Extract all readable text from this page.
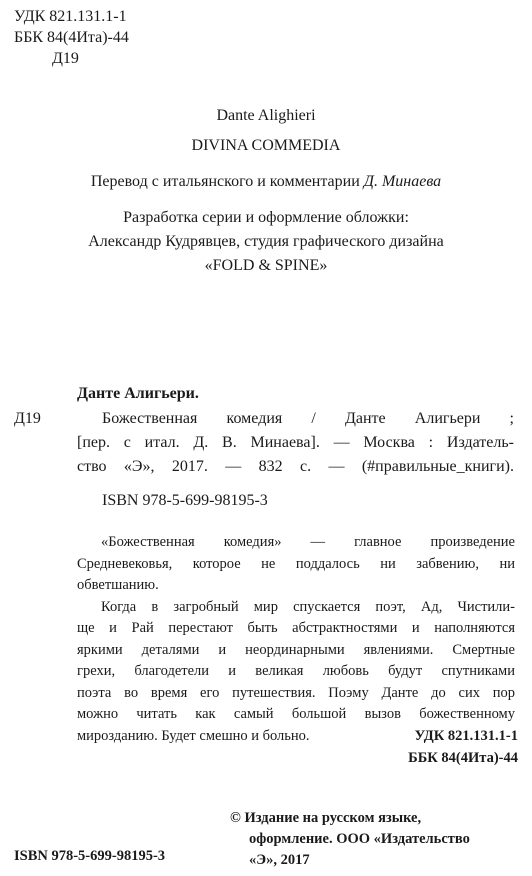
УДК 821.131.1-1
ББК 84(4Ита)-44
Д19
Dante Alighieri
DIVINA COMMEDIA
Перевод с итальянского и комментарии Д. Минаева
Разработка серии и оформление обложки:
Александр Кудрявцев, студия графического дизайна
«FOLD & SPINE»
Данте Алигьери.
Д19	Божественная комедия / Данте Алигьери ;
[пер. с итал. Д. В. Минаева]. — Москва : Издатель-
ство «Э», 2017. — 832 с. — (#правильные_книги).
ISBN 978-5-699-98195-3
«Божественная комедия» — главное произведение
Средневековья, которое не поддалось ни забвению, ни
обветшанию.
Когда в загробный мир спускается поэт, Ад, Чистили-
ще и Рай перестают быть абстрактностями и наполняются
яркими деталями и неординарными явлениями. Смертные
грехи, благодетели и великая любовь будут спутниками
поэта во время его путешествия. Поэму Данте до сих пор
можно читать как самый большой вызов божественному
мирозданию. Будет смешно и больно.	УДК 821.131.1-1
ББК 84(4Ита)-44
© Издание на русском языке,
оформление. ООО «Издательство
«Э», 2017
ISBN 978-5-699-98195-3
